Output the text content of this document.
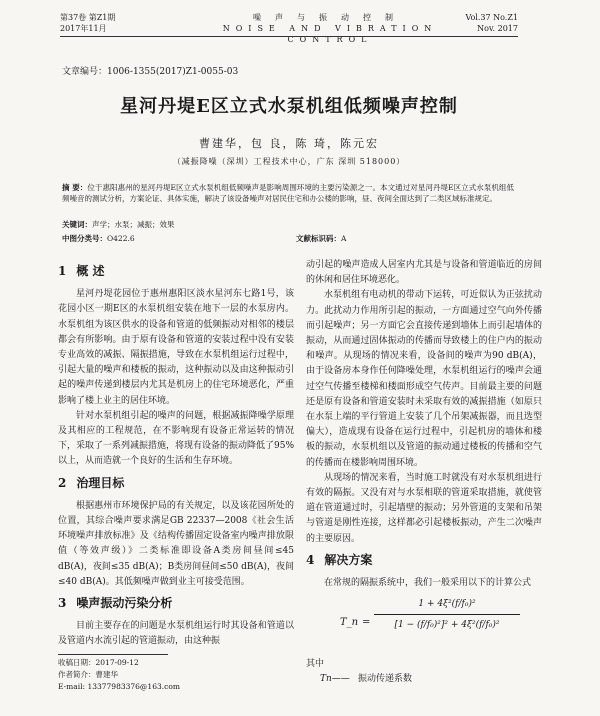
第37卷 第Z1期
2017年11月
噪声与振动控制
NOISE AND VIBRATION CONTROL
Vol.37 No.Z1
Nov. 2017
文章编号：1006-1355(2017)Z1-0055-03
星河丹堤E区立式水泵机组低频噪声控制
曹建华，包 良，陈 琦，陈元宏
（减振降噪（深圳）工程技术中心，广东 深圳 518000）
摘 要：位于惠阳惠州的星河丹堤E区立式水泵机组低频噪声是影响周围环境的主要污染源之一。本文通过对星河丹堤E区立式水泵机组低频噪音的测试分析，方案论证、具体实施，解决了该设备噪声对居民住宅和办公楼的影响，昼、夜间全面达到了二类区域标准规定。
关键词：声学；水泵；减振；效果
中图分类号：O422.6	文献标识码：A
1 概 述

星河丹堤花园位于惠州惠阳区淡水星河东七路1号，该花园小区一期E区的水泵机组安装在地下一层的水泵房内。水泵机组为该区供水的设备和管道的低频振动对相邻的楼层都会有所影响。由于原有设备和管道的安装过程中没有安装专业高效的减振、隔振措施，导致在水泵机组运行过程中，引起大量的噪声和楼板的振动，这种振动以及由这种振动引起的噪声传递到楼层内尤其是机房上的住宅环境恶化，严重影响了楼上业主的居住环境。

针对水泵机组引起的噪声的问题，根据减振降噪学原理及其相应的工程规范，在不影响现有设备正常运转的情况下，采取了一系列减振措施，将现有设备的振动降低了95%以上，从而造就一个良好的生活和生存环境。

2 治理目标

根据惠州市环境保护局的有关规定，以及该花园所处的位置，其综合噪声要求满足GB 22337—2008《社会生活环境噪声排放标准》及《结构传播固定设备室内噪声排放限值（等效声级）》二类标准即设备A类房间昼间≤45 dB(A)，夜间≤35 dB(A)；B类房间昼间≤50 dB(A)，夜间≤40 dB(A)。其低频噪声做到业主可接受范围。

3 噪声振动污染分析

目前主要存在的问题是水泵机组运行时其设备和管道以及管道内水流引起的管道振动，由这种振

收稿日期：2017-09-12
作者简介：曹建华
E-mail: 13377983376@163.com

动引起的噪声造成人居室内尤其是与设备和管道临近的房间的休闲和居住环境恶化。

水泵机组有电动机的带动下运转，可近似认为正弦扰动力。此扰动力作用所引起的振动，一方面通过空气向外传播而引起噪声；另一方面它会直接传递到墙体上而引起墙体的振动，从而通过固体振动的传播而导致楼上的住户内的振动和噪声。从现场的情况来看，设备间的噪声为90 dB(A)，由于设备房本身作任何降噪处理，水泵机组运行的噪声会通过空气传播至楼梯和楼面形成空气传声。目前最主要的问题还是原有设备和管道安装时未采取有效的减振措施（如原只在水泵上端的平行管道上安装了几个吊架减振器，而且选型偏大），造成现有设备在运行过程中，引起机房的墙体和楼板的振动，水泵机组以及管道的振动通过楼板的传播和空气的传播而在楼影响周围环境。

从现场的情况来看，当时施工时就没有对水泵机组进行有效的隔振。又没有对与水泵相联的管道采取措施，就使管道在管道通过时，引起墙壁的振动；另外管道的支架和吊架与管道是刚性连接，这样都必引起楼板振动，产生二次噪声的主要原因。

4 解决方案

在常规的隔振系统中，我们一般采用以下的计算公式

T_n =
1 + 4ξ²(f/f₀)²
[1 − (f/f₀)²]² + 4ξ²(f/f₀)²

其中

Tn—— 振动传递系数
